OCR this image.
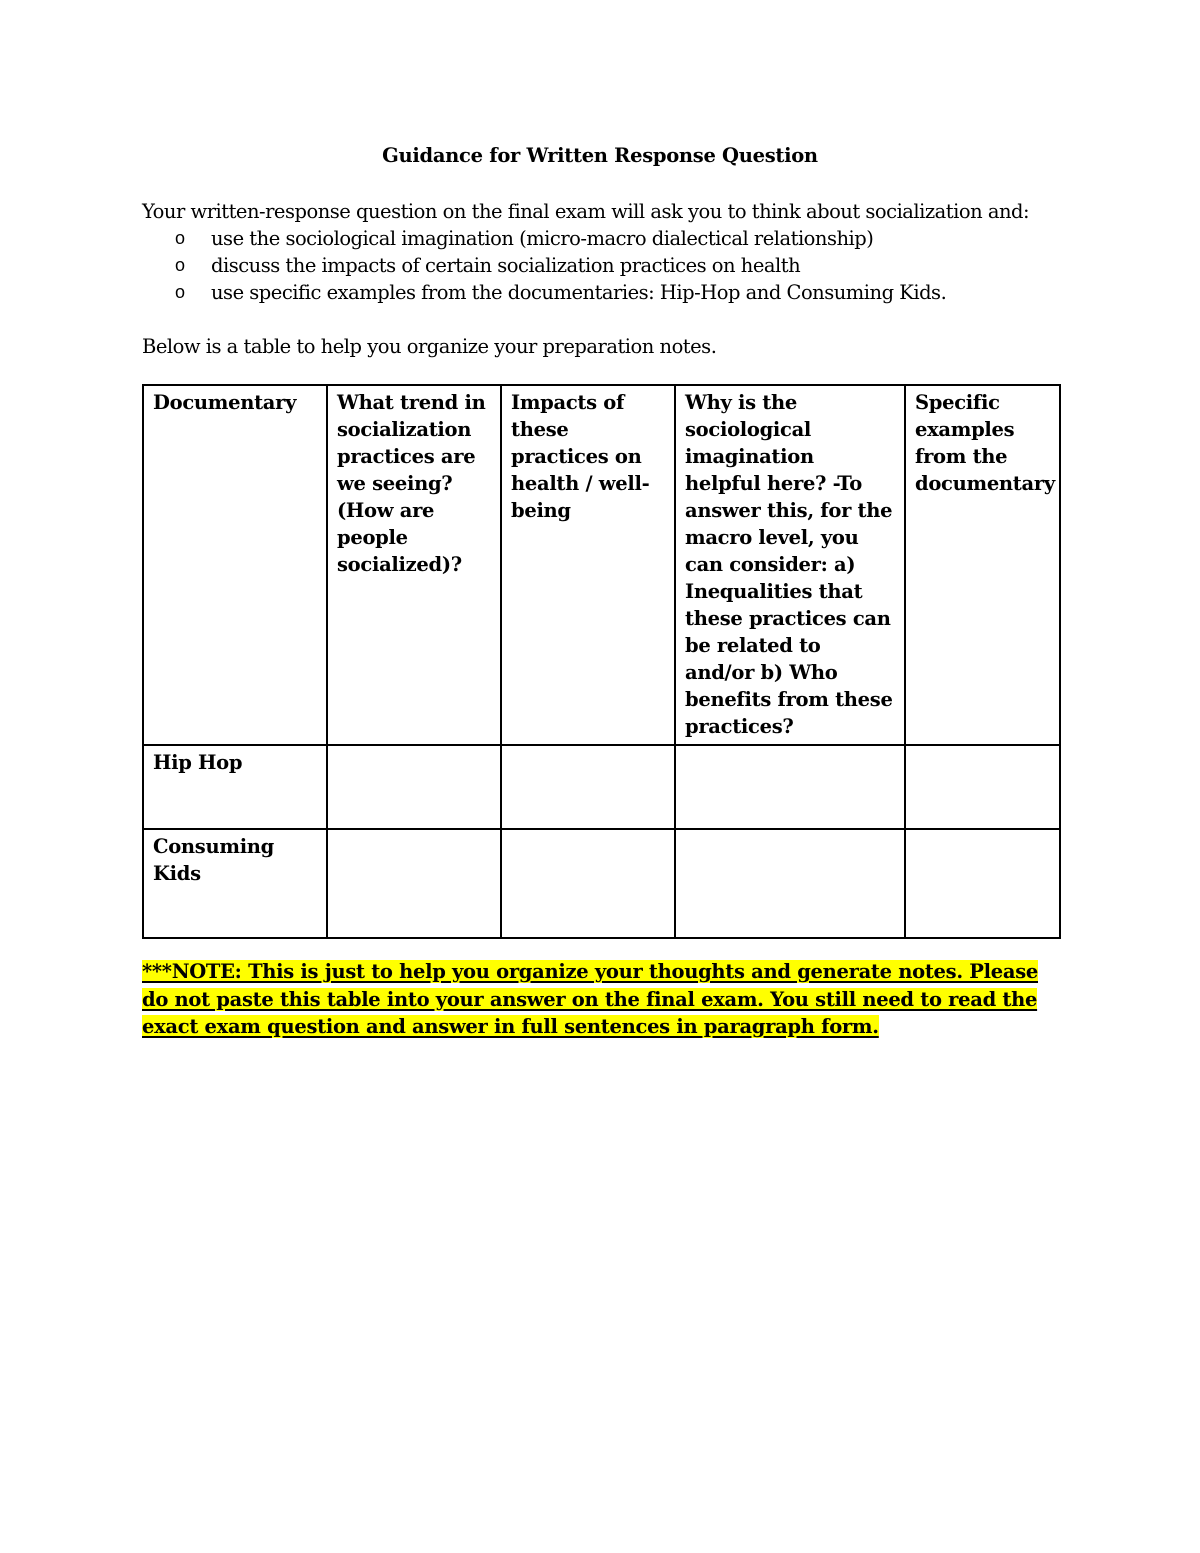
Guidance for Written Response Question
Your written-response question on the final exam will ask you to think about socialization and:
o use the sociological imagination (micro-macro dialectical relationship)
o discuss the impacts of certain socialization practices on health
o use specific examples from the documentaries: Hip-Hop and Consuming Kids.
Below is a table to help you organize your preparation notes.
Documentary	What trend in socialization practices are we seeing? (How are people socialized)?	Impacts of these practices on health / well-being	Why is the sociological imagination helpful here? -To answer this, for the macro level, you can consider: a) Inequalities that these practices can be related to and/or b) Who benefits from these practices?	Specific examples from the documentary
Hip Hop				
Consuming Kids				
***NOTE: This is just to help you organize your thoughts and generate notes. Please do not paste this table into your answer on the final exam. You still need to read the exact exam question and answer in full sentences in paragraph form.
